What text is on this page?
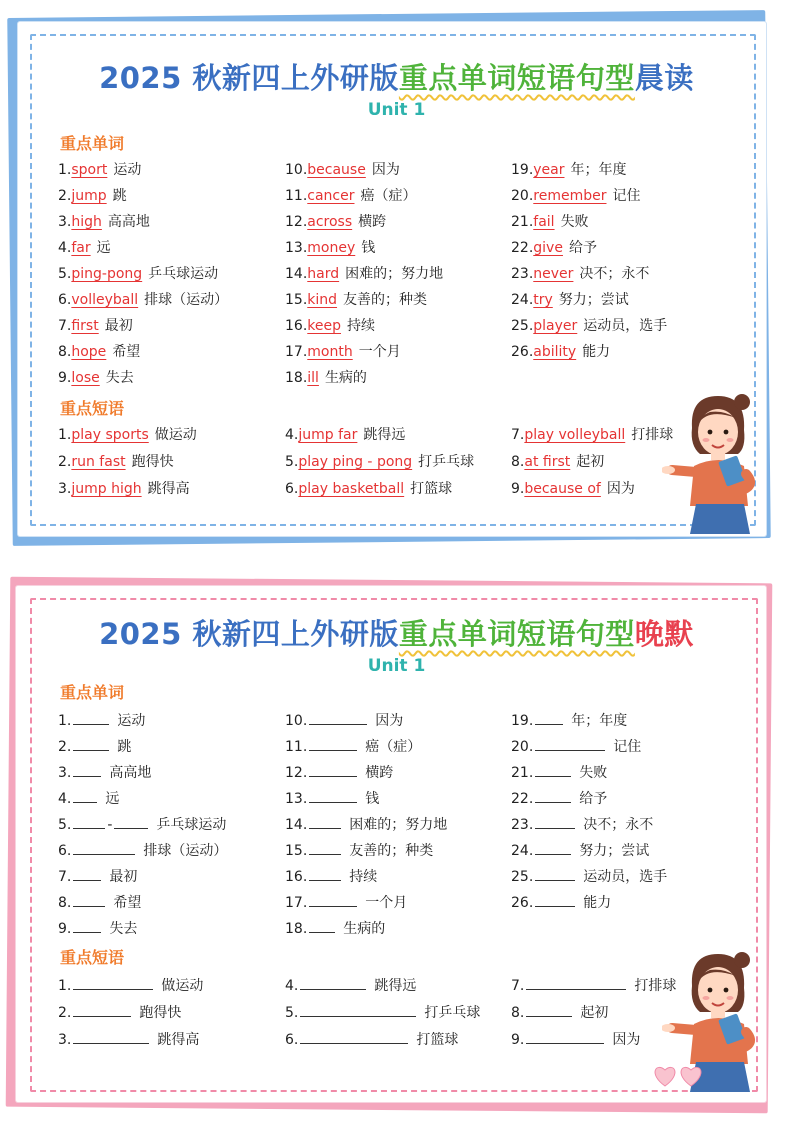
2025 秋新四上外研版重点单词短语句型晨读
Unit 1
重点单词
重点短语
1.sport 运动
2.jump 跳
3.high 高高地
4.far 远
5.ping-pong 乒乓球运动
6.volleyball 排球（运动）
7.first 最初
8.hope 希望
9.lose 失去
10.because 因为
11.cancer 癌（症）
12.across 横跨
13.money 钱
14.hard 困难的；努力地
15.kind 友善的；种类
16.keep 持续
17.month 一个月
18.ill 生病的
19.year 年；年度
20.remember 记住
21.fail 失败
22.give 给予
23.never 决不；永不
24.try 努力；尝试
25.player 运动员，选手
26.ability 能力
1.play sports 做运动
2.run fast 跑得快
3.jump high 跳得高
4.jump far 跳得远
5.play ping - pong 打乒乓球
6.play basketball 打篮球
7.play volleyball 打排球
8.at first 起初
9.because of 因为
2025 秋新四上外研版重点单词短语句型晚默
Unit 1
重点单词
重点短语
1.	运动
2.	跳
3.	高高地
4. 远
5.	-	乒乓球运动
6.	排球（运动）
7.	最初
8.	希望
9.	失去
10.	因为
11.	癌（症）
12.	横跨
13.	钱
14.	困难的；努力地
15.	友善的；种类
16.	持续
17.	一个月
18.	生病的
19.	年；年度
20.	记住
21.	失败
22.	给予
23.	决不；永不
24.	努力；尝试
25.	运动员，选手
26.	能力
1.	做运动
2.	跑得快
3.	跳得高
4.	跳得远
5.	打乒乓球
6.	打篮球
7.	打排球
8.	起初
9.	因为
